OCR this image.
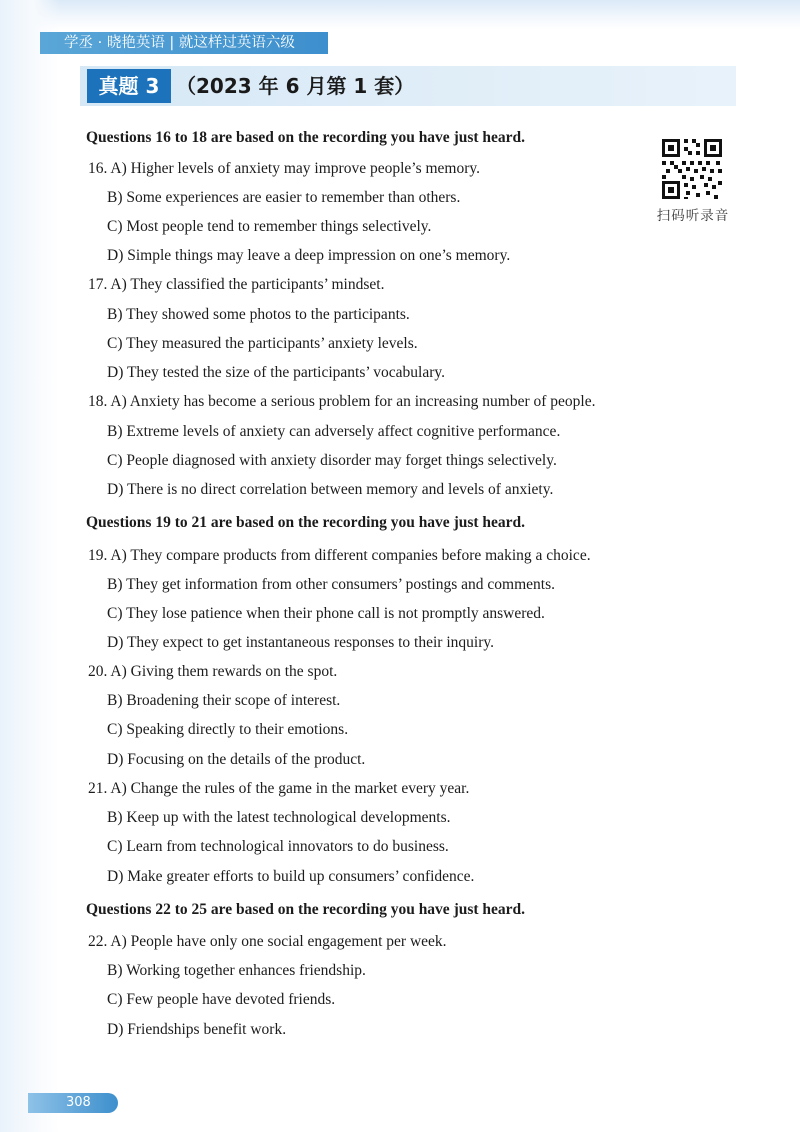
学丞 · 晓艳英语 | 就这样过英语六级
真题 3 （2023 年 6 月第 1 套）
扫码听录音
Questions 16 to 18 are based on the recording you have just heard.
16. A) Higher levels of anxiety may improve people’s memory.
B) Some experiences are easier to remember than others.
C) Most people tend to remember things selectively.
D) Simple things may leave a deep impression on one’s memory.
17. A) They classified the participants’ mindset.
B) They showed some photos to the participants.
C) They measured the participants’ anxiety levels.
D) They tested the size of the participants’ vocabulary.
18. A) Anxiety has become a serious problem for an increasing number of people.
B) Extreme levels of anxiety can adversely affect cognitive performance.
C) People diagnosed with anxiety disorder may forget things selectively.
D) There is no direct correlation between memory and levels of anxiety.
Questions 19 to 21 are based on the recording you have just heard.
19. A) They compare products from different companies before making a choice.
B) They get information from other consumers’ postings and comments.
C) They lose patience when their phone call is not promptly answered.
D) They expect to get instantaneous responses to their inquiry.
20. A) Giving them rewards on the spot.
B) Broadening their scope of interest.
C) Speaking directly to their emotions.
D) Focusing on the details of the product.
21. A) Change the rules of the game in the market every year.
B) Keep up with the latest technological developments.
C) Learn from technological innovators to do business.
D) Make greater efforts to build up consumers’ confidence.
Questions 22 to 25 are based on the recording you have just heard.
22. A) People have only one social engagement per week.
B) Working together enhances friendship.
C) Few people have devoted friends.
D) Friendships benefit work.
308
